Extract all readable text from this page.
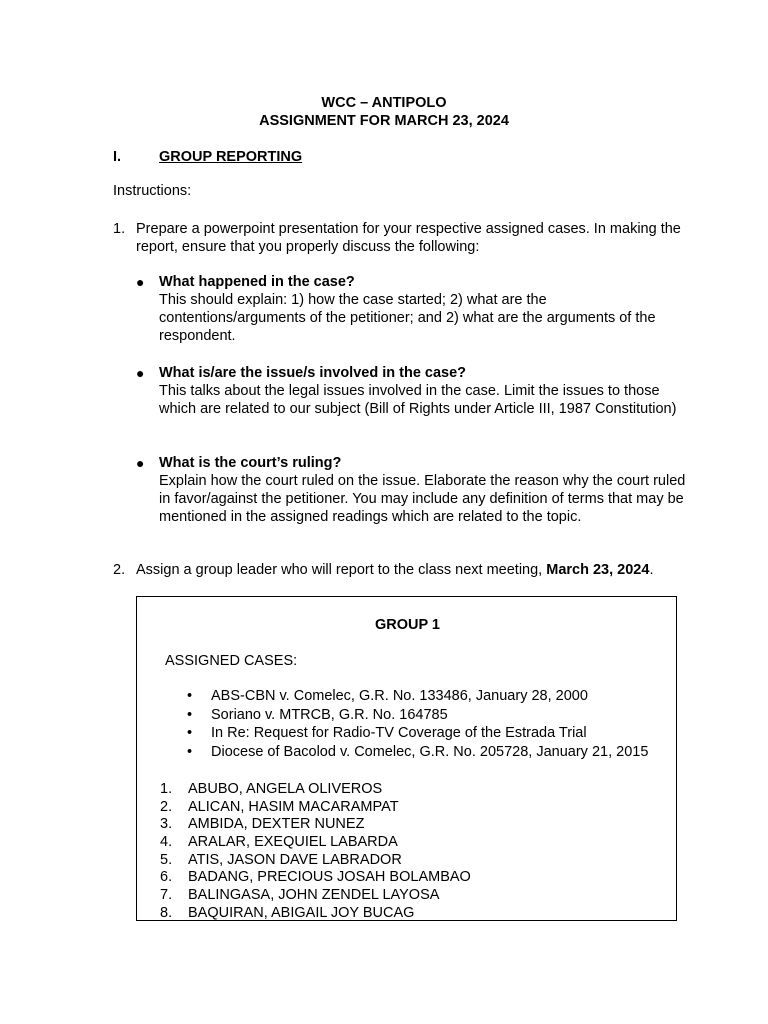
WCC – ANTIPOLO
ASSIGNMENT FOR MARCH 23, 2024
I.	GROUP REPORTING
Instructions:
1. Prepare a powerpoint presentation for your respective assigned cases. In making the report, ensure that you properly discuss the following:
● What happened in the case?
This should explain: 1) how the case started; 2) what are the contentions/arguments of the petitioner; and 2) what are the arguments of the respondent.
● What is/are the issue/s involved in the case?
This talks about the legal issues involved in the case. Limit the issues to those which are related to our subject (Bill of Rights under Article III, 1987 Constitution)
● What is the court’s ruling?
Explain how the court ruled on the issue. Elaborate the reason why the court ruled in favor/against the petitioner. You may include any definition of terms that may be mentioned in the assigned readings which are related to the topic.
2. Assign a group leader who will report to the class next meeting, March 23, 2024.
GROUP 1
ASSIGNED CASES:
• ABS-CBN v. Comelec, G.R. No. 133486, January 28, 2000
• Soriano v. MTRCB, G.R. No. 164785
• In Re: Request for Radio-TV Coverage of the Estrada Trial
• Diocese of Bacolod v. Comelec, G.R. No. 205728, January 21, 2015
1. ABUBO, ANGELA OLIVEROS
2. ALICAN, HASIM MACARAMPAT
3. AMBIDA, DEXTER NUNEZ
4. ARALAR, EXEQUIEL LABARDA
5. ATIS, JASON DAVE LABRADOR
6. BADANG, PRECIOUS JOSAH BOLAMBAO
7. BALINGASA, JOHN ZENDEL LAYOSA
8. BAQUIRAN, ABIGAIL JOY BUCAG
